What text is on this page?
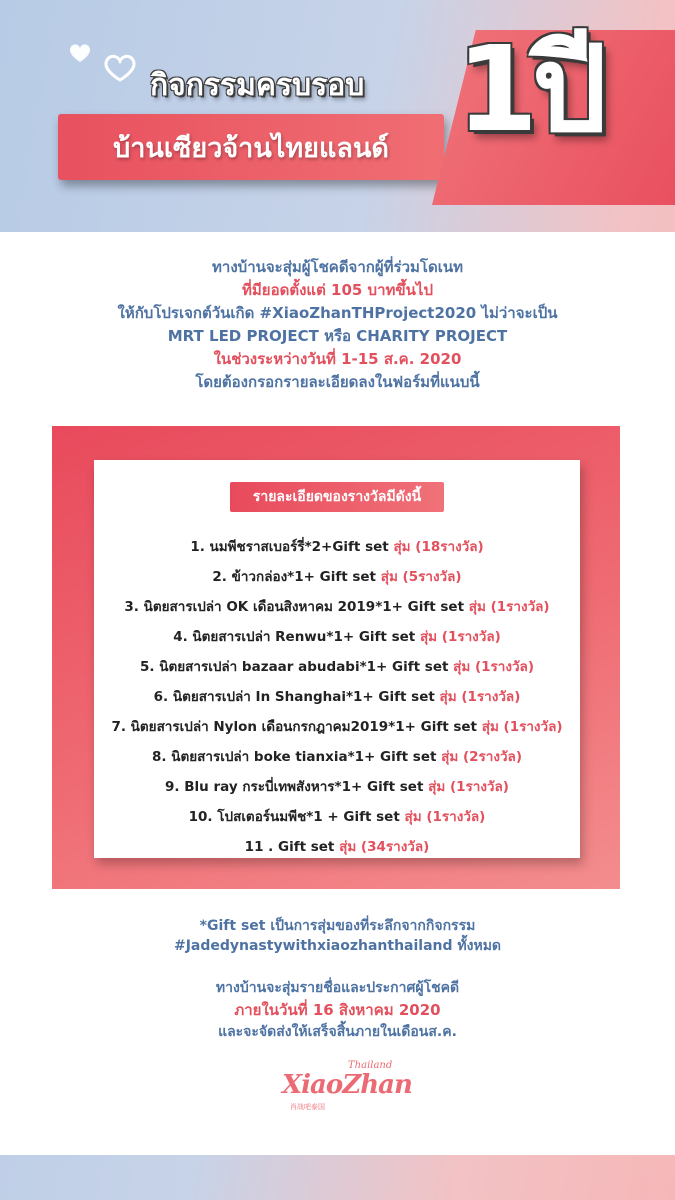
กิจกรรมครบรอบ
บ้านเซียวจ้านไทยแลนด์ 1ปี
ทางบ้านจะสุ่มผู้โชคดีจากผู้ที่ร่วมโดเนท
ที่มียอดตั้งแต่ 105 บาทขึ้นไป
ให้กับโปรเจกต์วันเกิด #XiaoZhanTHProject2020 ไม่ว่าจะเป็น
MRT LED PROJECT หรือ CHARITY PROJECT
ในช่วงระหว่างวันที่ 1-15 ส.ค. 2020
โดยต้องกรอกรายละเอียดลงในฟอร์มที่แนบนี้
รายละเอียดของรางวัลมีดังนี้
1. นมพีชราสเบอร์รี่*2+Gift set สุ่ม (18รางวัล)
2. ข้าวกล่อง*1+ Gift set สุ่ม (5รางวัล)
3. นิตยสารเปล่า OK เดือนสิงหาคม 2019*1+ Gift set สุ่ม (1รางวัล)
4. นิตยสารเปล่า Renwu*1+ Gift set สุ่ม (1รางวัล)
5. นิตยสารเปล่า bazaar abudabi*1+ Gift set สุ่ม (1รางวัล)
6. นิตยสารเปล่า In Shanghai*1+ Gift set สุ่ม (1รางวัล)
7. นิตยสารเปล่า Nylon เดือนกรกฎาคม2019*1+ Gift set สุ่ม (1รางวัล)
8. นิตยสารเปล่า boke tianxia*1+ Gift set สุ่ม (2รางวัล)
9. Blu ray กระบี่เทพสังหาร*1+ Gift set สุ่ม (1รางวัล)
10. โปสเตอร์นมพีช*1 + Gift set สุ่ม (1รางวัล)
11 . Gift set สุ่ม (34รางวัล)
*Gift set เป็นการสุ่มของที่ระลึกจากกิจกรรม
#Jadedynastywithxiaozhanthailand ทั้งหมด
ทางบ้านจะสุ่มรายชื่อและประกาศผู้โชคดี
ภายในวันที่ 16 สิงหาคม 2020
และจะจัดส่งให้เสร็จสิ้นภายในเดือนส.ค.
Thailand
XiaoZhan
肖战吧泰国
